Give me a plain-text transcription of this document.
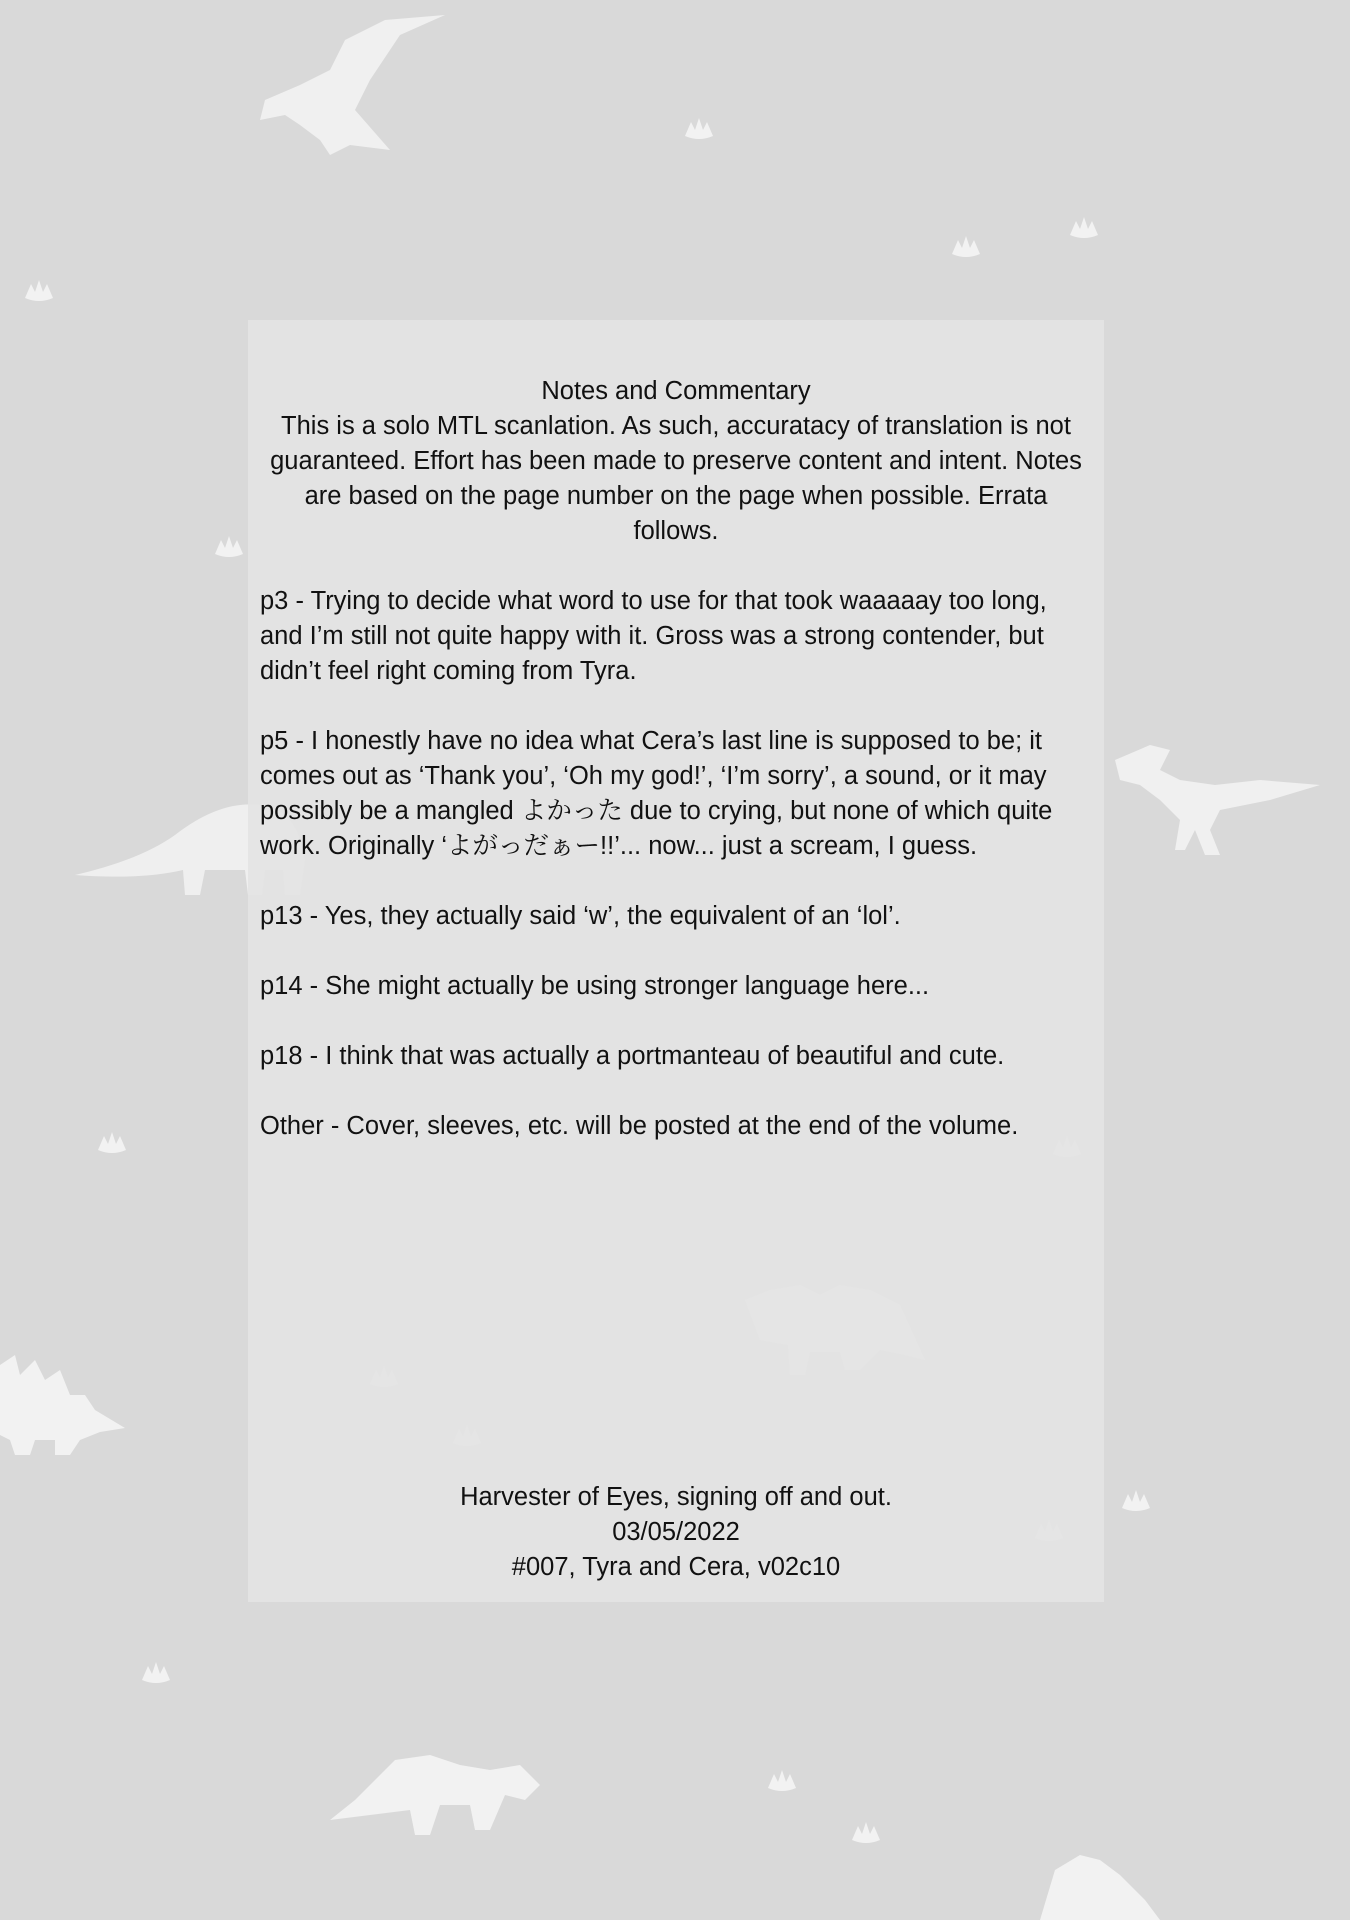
Notes and Commentary

This is a solo MTL scanlation. As such, accuratacy of translation is not guaranteed. Effort has been made to preserve content and intent. Notes are based on the page number on the page when possible. Errata follows.

p3 - Trying to decide what word to use for that took waaaaay too long, and I’m still not quite happy with it. Gross was a strong contender, but didn’t feel right coming from Tyra.

p5 - I honestly have no idea what Cera’s last line is supposed to be; it comes out as ‘Thank you’, ‘Oh my god!’, ‘I’m sorry’, a sound, or it may possibly be a mangled よかった due to crying, but none of which quite work. Originally ‘よがっだぁー!!’... now... just a scream, I guess.

p13 - Yes, they actually said ‘w’, the equivalent of an ‘lol’.

p14 - She might actually be using stronger language here...

p18 - I think that was actually a portmanteau of beautiful and cute.

Other - Cover, sleeves, etc. will be posted at the end of the volume.

Harvester of Eyes, signing off and out.

03/05/2022

#007, Tyra and Cera, v02c10
